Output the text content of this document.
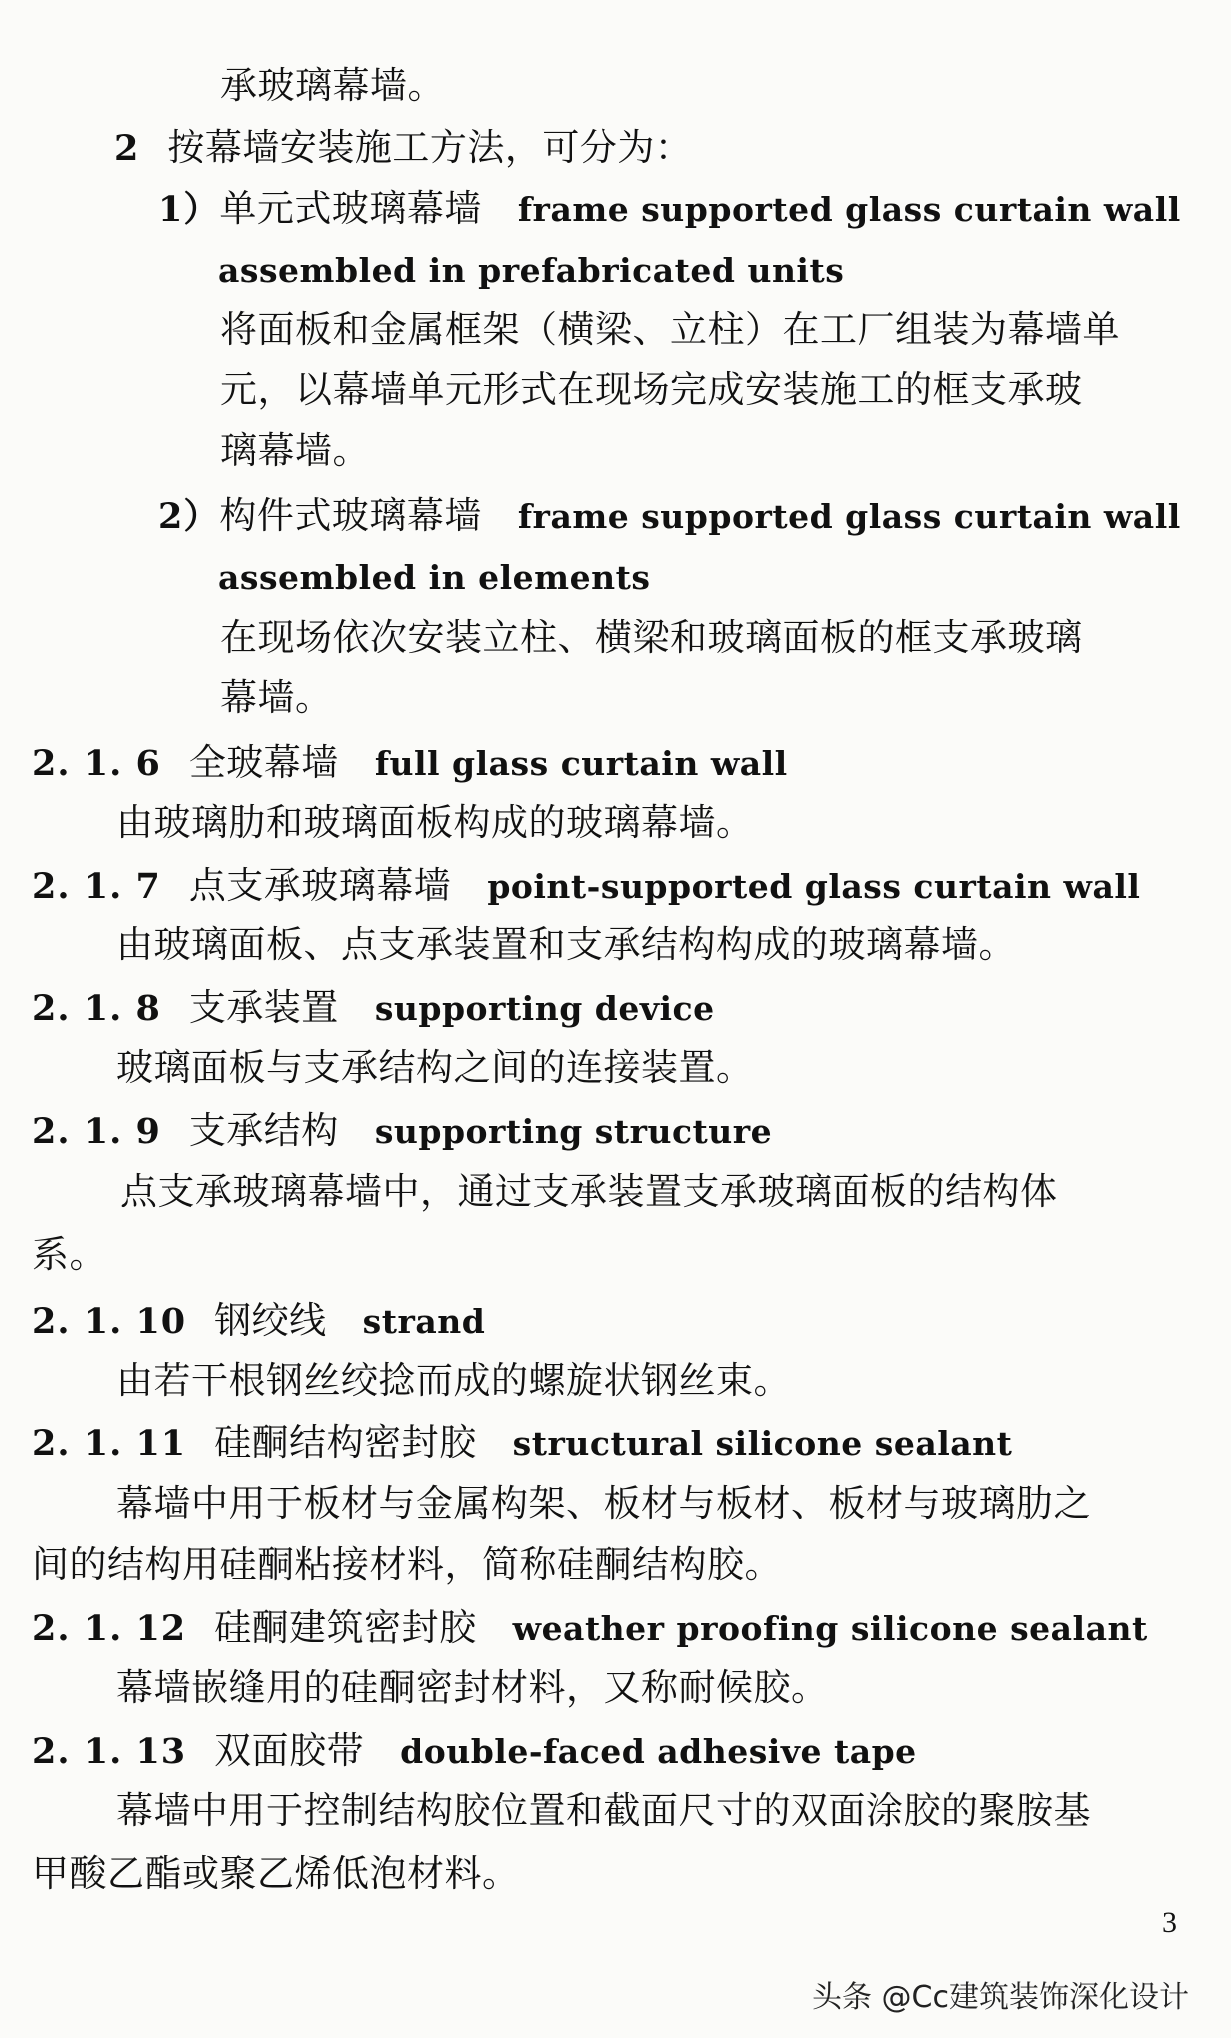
承玻璃幕墙。
2 按幕墙安装施工方法，可分为：
1）单元式玻璃幕墙 frame supported glass curtain wall
assembled in prefabricated units
将面板和金属框架（横梁、立柱）在工厂组装为幕墙单
元，以幕墙单元形式在现场完成安装施工的框支承玻
璃幕墙。
2）构件式玻璃幕墙 frame supported glass curtain wall
assembled in elements
在现场依次安装立柱、横梁和玻璃面板的框支承玻璃
幕墙。
2. 1. 6 全玻幕墙 full glass curtain wall
由玻璃肋和玻璃面板构成的玻璃幕墙。
2. 1. 7 点支承玻璃幕墙 point-supported glass curtain wall
由玻璃面板、点支承装置和支承结构构成的玻璃幕墙。
2. 1. 8 支承装置 supporting device
玻璃面板与支承结构之间的连接装置。
2. 1. 9 支承结构 supporting structure
点支承玻璃幕墙中，通过支承装置支承玻璃面板的结构体
系。
2. 1. 10 钢绞线 strand
由若干根钢丝绞捻而成的螺旋状钢丝束。
2. 1. 11 硅酮结构密封胶 structural silicone sealant
幕墙中用于板材与金属构架、板材与板材、板材与玻璃肋之
间的结构用硅酮粘接材料，简称硅酮结构胶。
2. 1. 12 硅酮建筑密封胶 weather proofing silicone sealant
幕墙嵌缝用的硅酮密封材料，又称耐候胶。
2. 1. 13 双面胶带 double-faced adhesive tape
幕墙中用于控制结构胶位置和截面尺寸的双面涂胶的聚胺基
甲酸乙酯或聚乙烯低泡材料。
3
头条 @Cc建筑装饰深化设计
